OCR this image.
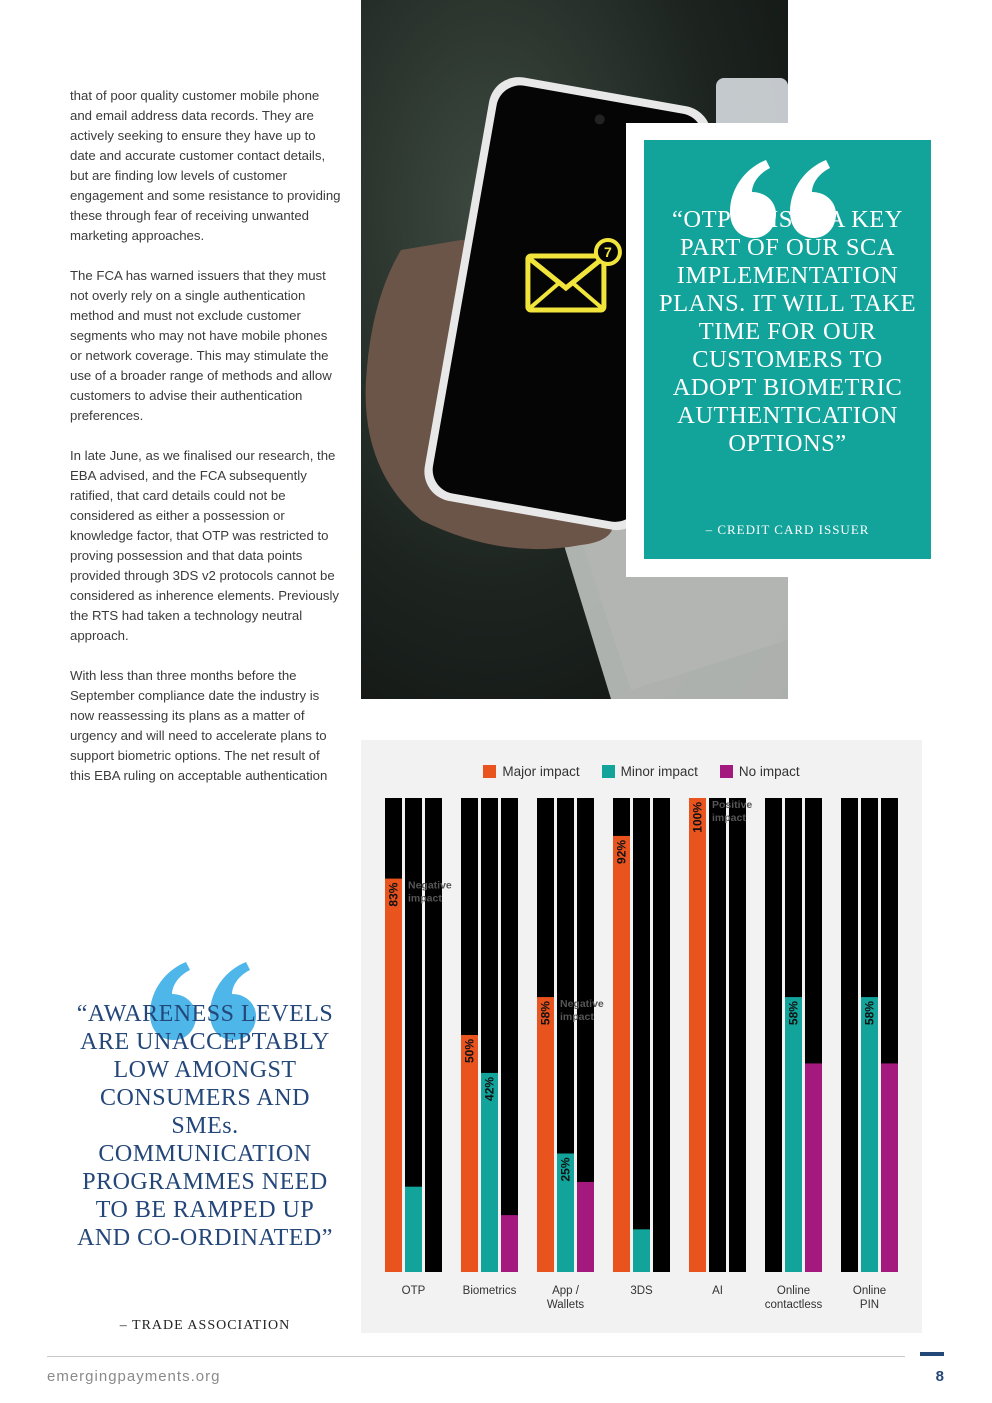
that of poor quality customer mobile phone and email address data records. They are actively seeking to ensure they have up to date and accurate customer contact details, but are finding low levels of customer engagement and some resistance to providing these through fear of receiving unwanted marketing approaches.

The FCA has warned issuers that they must not overly rely on a single authentication method and must not exclude customer segments who may not have mobile phones or network coverage. This may stimulate the use of a broader range of methods and allow customers to advise their authentication preferences.

In late June, as we finalised our research, the EBA advised, and the FCA subsequently ratified, that card details could not be considered as either a possession or knowledge factor, that OTP was restricted to proving possession and that data points provided through 3DS v2 protocols cannot be considered as inherence elements. Previously the RTS had taken a technology neutral approach.

With less than three months before the September compliance date the industry is now reassessing its plans as a matter of urgency and will need to accelerate plans to support biometric options. The net result of this EBA ruling on acceptable authentication

7
“OTP THIS IS A KEY PART OF OUR SCA IMPLEMENTATION PLANS. IT WILL TAKE TIME FOR OUR CUSTOMERS TO ADOPT BIOMETRIC AUTHENTICATION OPTIONS”
– CREDIT CARD ISSUER
“AWARENESS LEVELS ARE UNACCEPTABLY LOW AMONGST CONSUMERS AND SMEs. COMMUNICATION PROGRAMMES NEED TO BE RAMPED UP AND CO-ORDINATED”
– TRADE ASSOCIATION
Major impact	Minor impact	No impact
83%
OTP
50%
42%
Biometrics
58%
25%
App /
Wallets
92%
3DS
100%
AI
58%
Online
contactless
58%
Online
PIN
Negative
impact
Negative
impact
Positive
impact
emergingpayments.org	8
